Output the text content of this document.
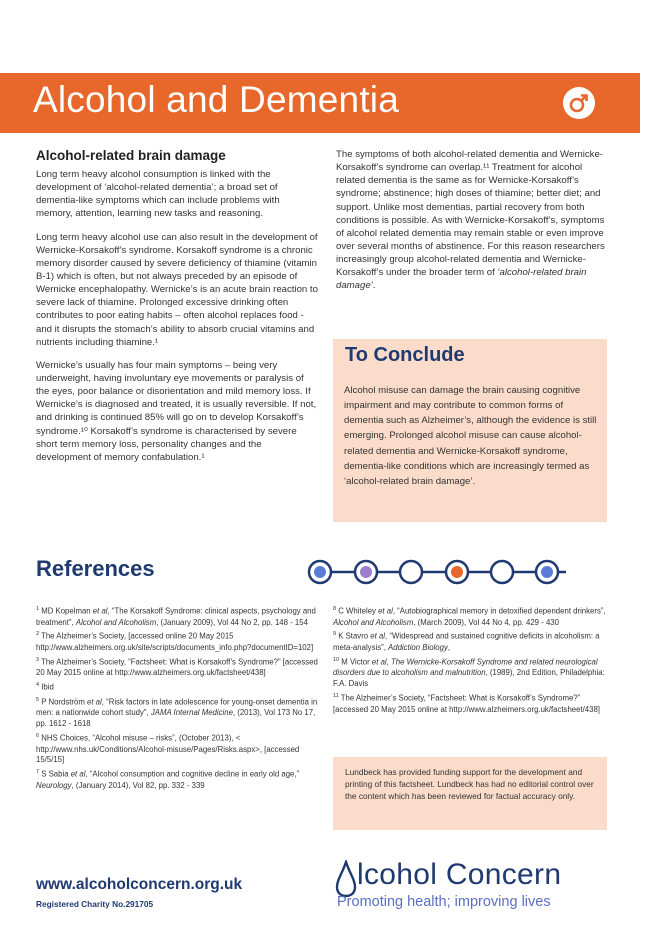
Alcohol and Dementia
Alcohol-related brain damage

Long term heavy alcohol consumption is linked with the development of ‘alcohol-related dementia’; a broad set of dementia-like symptoms which can include problems with memory, attention, learning new tasks and reasoning.

Long term heavy alcohol use can also result in the development of Wernicke-Korsakoff’s syndrome. Korsakoff syndrome is a chronic memory disorder caused by severe deficiency of thiamine (vitamin B-1) which is often, but not always preceded by an episode of Wernicke encephalopathy. Wernicke’s is an acute brain reaction to severe lack of thiamine. Prolonged excessive drinking often contributes to poor eating habits – often alcohol replaces food - and it disrupts the stomach’s ability to absorb crucial vitamins and nutrients including thiamine.¹

Wernicke’s usually has four main symptoms – being very underweight, having involuntary eye movements or paralysis of the eyes, poor balance or disorientation and mild memory loss. If Wernicke’s is diagnosed and treated, it is usually reversible. If not, and drinking is continued 85% will go on to develop Korsakoff’s syndrome.¹⁰ Korsakoff’s syndrome is characterised by severe short term memory loss, personality changes and the development of memory confabulation.¹

The symptoms of both alcohol-related dementia and Wernicke-Korsakoff’s syndrome can overlap.¹¹ Treatment for alcohol related dementia is the same as for Wernicke-Korsakoff’s syndrome; abstinence; high doses of thiamine; better diet; and support. Unlike most dementias, partial recovery from both conditions is possible. As with Wernicke-Korsakoff’s, symptoms of alcohol related dementia may remain stable or even improve over several months of abstinence. For this reason researchers increasingly group alcohol-related dementia and Wernicke-Korsakoff’s under the broader term of ‘alcohol-related brain damage’.

To Conclude

Alcohol misuse can damage the brain causing cognitive impairment and may contribute to common forms of dementia such as Alzheimer’s, although the evidence is still emerging. Prolonged alcohol misuse can cause alcohol-related dementia and Wernicke-Korsakoff syndrome, dementia-like conditions which are increasingly termed as ‘alcohol-related brain damage’.

References

$^1$ MD Kopelman et al, “The Korsakoff Syndrome: clinical aspects, psychology and treatment”, Alcohol and Alcoholism, (January 2009), Vol 44 No 2, pp. 148 - 154

$^2$ The Alzheimer’s Society, [accessed online 20 May 2015 http://www.alzheimers.org.uk/site/scripts/documents_info.php?documentID=102]

$^3$ The Alzheimer’s Society, “Factsheet: What is Korsakoff’s Syndrome?” [accessed 20 May 2015 online at http://www.alzheimers.org.uk/factsheet/438]

$^4$ Ibid

$^5$ P Nordström et al, “Risk factors in late adolescence for young-onset dementia in men: a nationwide cohort study”, JAMA Internal Medicine, (2013), Vol 173 No 17, pp. 1612 - 1618

$^6$ NHS Choices, “Alcohol misuse – risks”, (October 2013), < http://www.nhs.uk/Conditions/Alcohol-misuse/Pages/Risks.aspx>, [accessed 15/5/15]

$^7$ S Sabia et al, “Alcohol consumption and cognitive decline in early old age,” Neurology, (January 2014), Vol 82, pp. 332 - 339

$^8$ C Whiteley et al, “Autobiographical memory in detoxified dependent drinkers”, Alcohol and Alcoholism, (March 2009), Vol 44 No 4, pp. 429 - 430

$^9$ K Stavro et al, “Widespread and sustained cognitive deficits in alcoholism: a meta-analysis”, Addiction Biology,

$^{10}$ M Victor et al, The Wernicke-Korsakoff Syndrome and related neurological disorders due to alcoholism and malnutrition, (1989), 2nd Edition, Philadelphia: F.A. Davis

$^{11}$ The Alzheimer’s Society, “Factsheet: What is Korsakoff’s Syndrome?” [accessed 20 May 2015 online at http://www.alzheimers.org.uk/factsheet/438]

Lundbeck has provided funding support for the development and printing of this factsheet. Lundbeck has had no editorial control over the content which has been reviewed for factual accuracy only.

www.alcoholconcern.org.uk
Registered Charity No.291705
lcohol Concern
Promoting health; improving lives
